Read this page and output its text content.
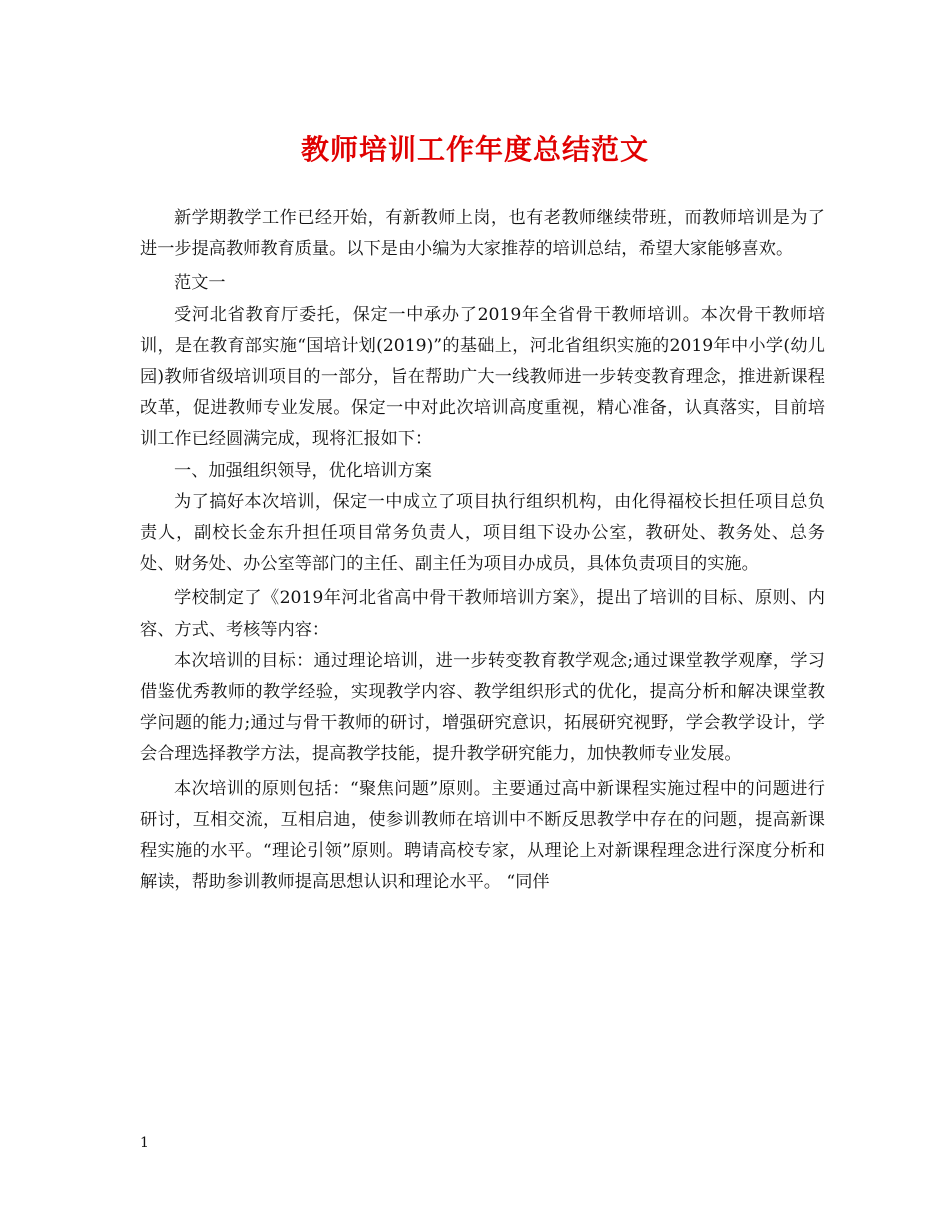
教师培训工作年度总结范文

新学期教学工作已经开始，有新教师上岗，也有老教师继续带班，而教师培训是为了进一步提高教师教育质量。以下是由小编为大家推荐的培训总结，希望大家能够喜欢。

范文一

受河北省教育厅委托，保定一中承办了2019年全省骨干教师培训。本次骨干教师培训，是在教育部实施“国培计划(2019)”的基础上，河北省组织实施的2019年中小学(幼儿园)教师省级培训项目的一部分，旨在帮助广大一线教师进一步转变教育理念，推进新课程改革，促进教师专业发展。保定一中对此次培训高度重视，精心准备，认真落实，目前培训工作已经圆满完成，现将汇报如下：

一、加强组织领导，优化培训方案

为了搞好本次培训，保定一中成立了项目执行组织机构，由化得福校长担任项目总负责人，副校长金东升担任项目常务负责人，项目组下设办公室，教研处、教务处、总务处、财务处、办公室等部门的主任、副主任为项目办成员，具体负责项目的实施。

学校制定了《2019年河北省高中骨干教师培训方案》，提出了培训的目标、原则、内容、方式、考核等内容：

本次培训的目标：通过理论培训，进一步转变教育教学观念;通过课堂教学观摩，学习借鉴优秀教师的教学经验，实现教学内容、教学组织形式的优化，提高分析和解决课堂教学问题的能力;通过与骨干教师的研讨，增强研究意识，拓展研究视野，学会教学设计，学会合理选择教学方法，提高教学技能，提升教学研究能力，加快教师专业发展。

本次培训的原则包括：“聚焦问题”原则。主要通过高中新课程实施过程中的问题进行研讨，互相交流，互相启迪，使参训教师在培训中不断反思教学中存在的问题，提高新课程实施的水平。“理论引领”原则。聘请高校专家，从理论上对新课程理念进行深度分析和解读，帮助参训教师提高思想认识和理论水平。 “同伴

1
